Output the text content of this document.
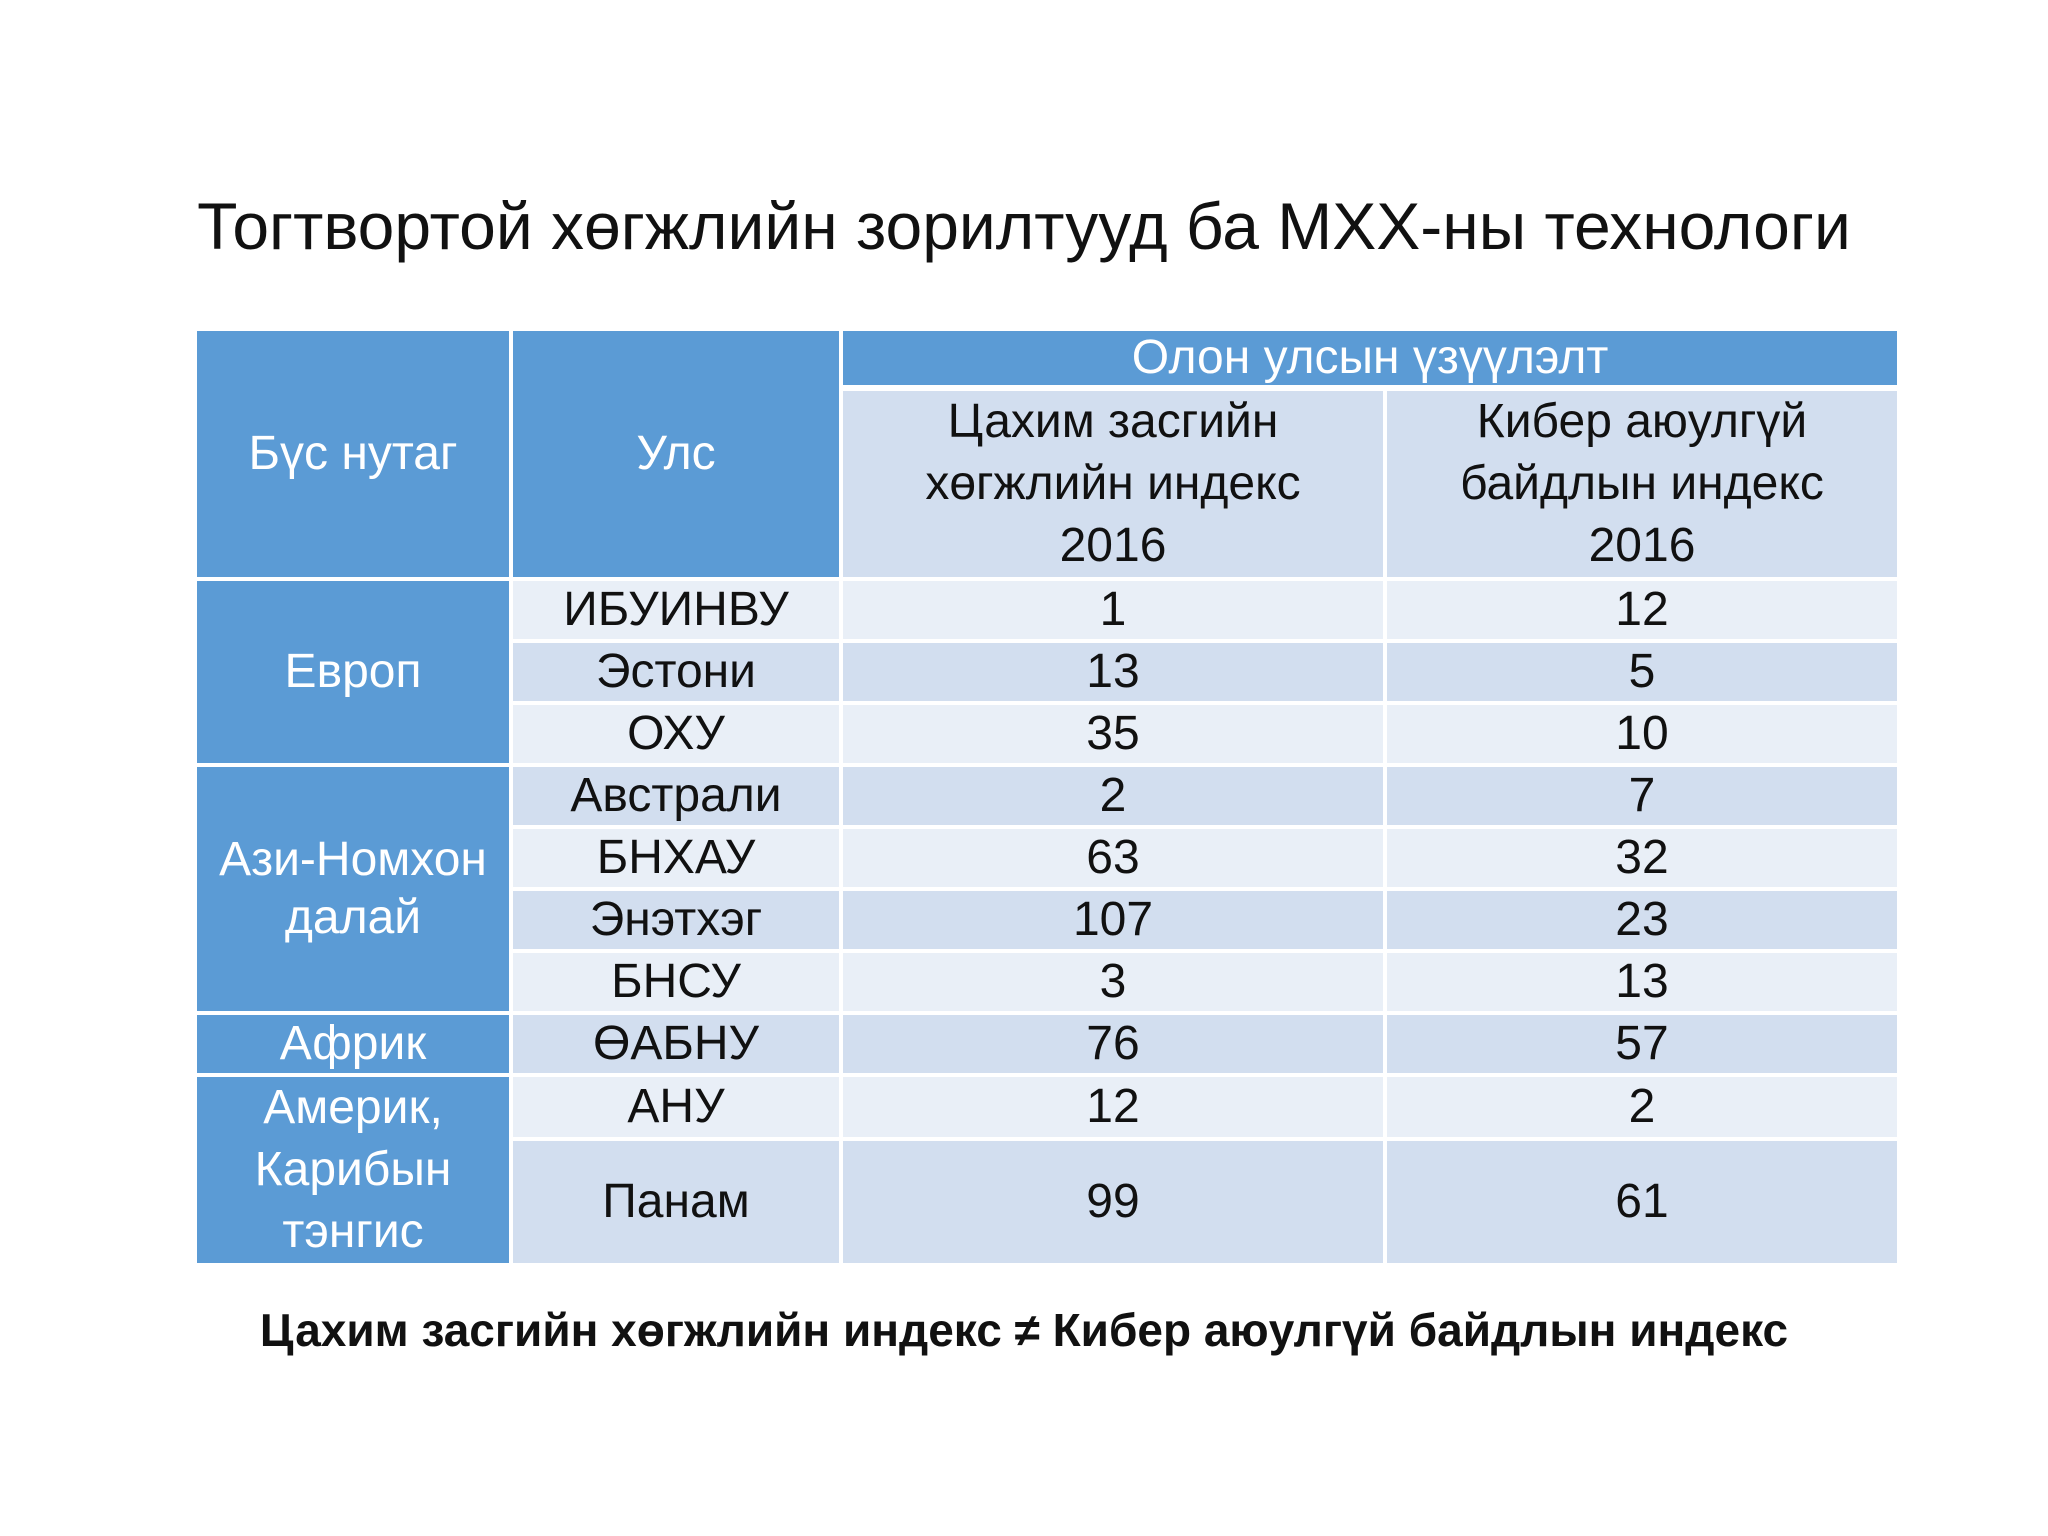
Тогтвортой хөгжлийн зорилтууд ба МХХ-ны технологи
Бүс нутаг	Улс	Олон улсын үзүүлэлт	
		Цахим засгийн хөгжлийн индекс 2016	Кибер аюулгүй байдлын индекс 2016
Европ	ИБУИНВУ	1	12
	Эстони	13	5
	ОХУ	35	10
Ази-Номхон далай	Австрали	2	7
	БНХАУ	63	32
	Энэтхэг	107	23
	БНСУ	3	13
Африк	ӨАБНУ	76	57
Америк, Карибын тэнгис	АНУ	12	2
	Панам	99	61
Цахим засгийн хөгжлийн индекс ≠ Кибер аюулгүй байдлын индекс
